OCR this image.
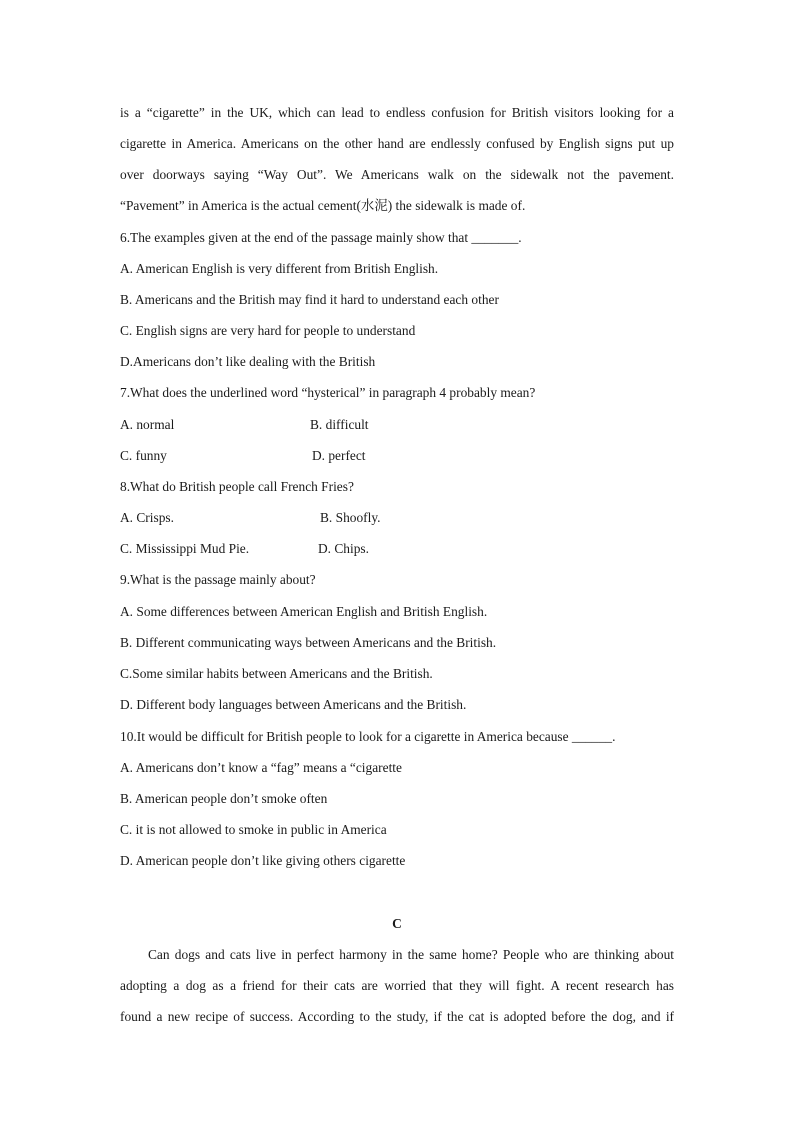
is a “cigarette” in the UK, which can lead to endless confusion for British visitors looking for a
cigarette in America. Americans on the other hand are endlessly confused by English signs put up
over doorways saying “Way Out”. We Americans walk on the sidewalk not the pavement.
“Pavement” in America is the actual cement(水泥) the sidewalk is made of.
6.The examples given at the end of the passage mainly show that _______.
A. American English is very different from British English.
B. Americans and the British may find it hard to understand each other
C. English signs are very hard for people to understand
D.Americans don’t like dealing with the British
7.What does the underlined word “hysterical” in paragraph 4 probably mean?
A. normal	B. difficult
C. funny	D. perfect
8.What do British people call French Fries?
A. Crisps.	B. Shoofly.
C. Mississippi Mud Pie.	D. Chips.
9.What is the passage mainly about?
A. Some differences between American English and British English.
B. Different communicating ways between Americans and the British.
C.Some similar habits between Americans and the British.
D. Different body languages between Americans and the British.
10.It would be difficult for British people to look for a cigarette in America because ______.
A. Americans don’t know a “fag” means a “cigarette
B. American people don’t smoke often
C. it is not allowed to smoke in public in America
D. American people don’t like giving others cigarette
C
Can dogs and cats live in perfect harmony in the same home? People who are thinking about
adopting a dog as a friend for their cats are worried that they will fight. A recent research has
found a new recipe of success. According to the study, if the cat is adopted before the dog, and if
